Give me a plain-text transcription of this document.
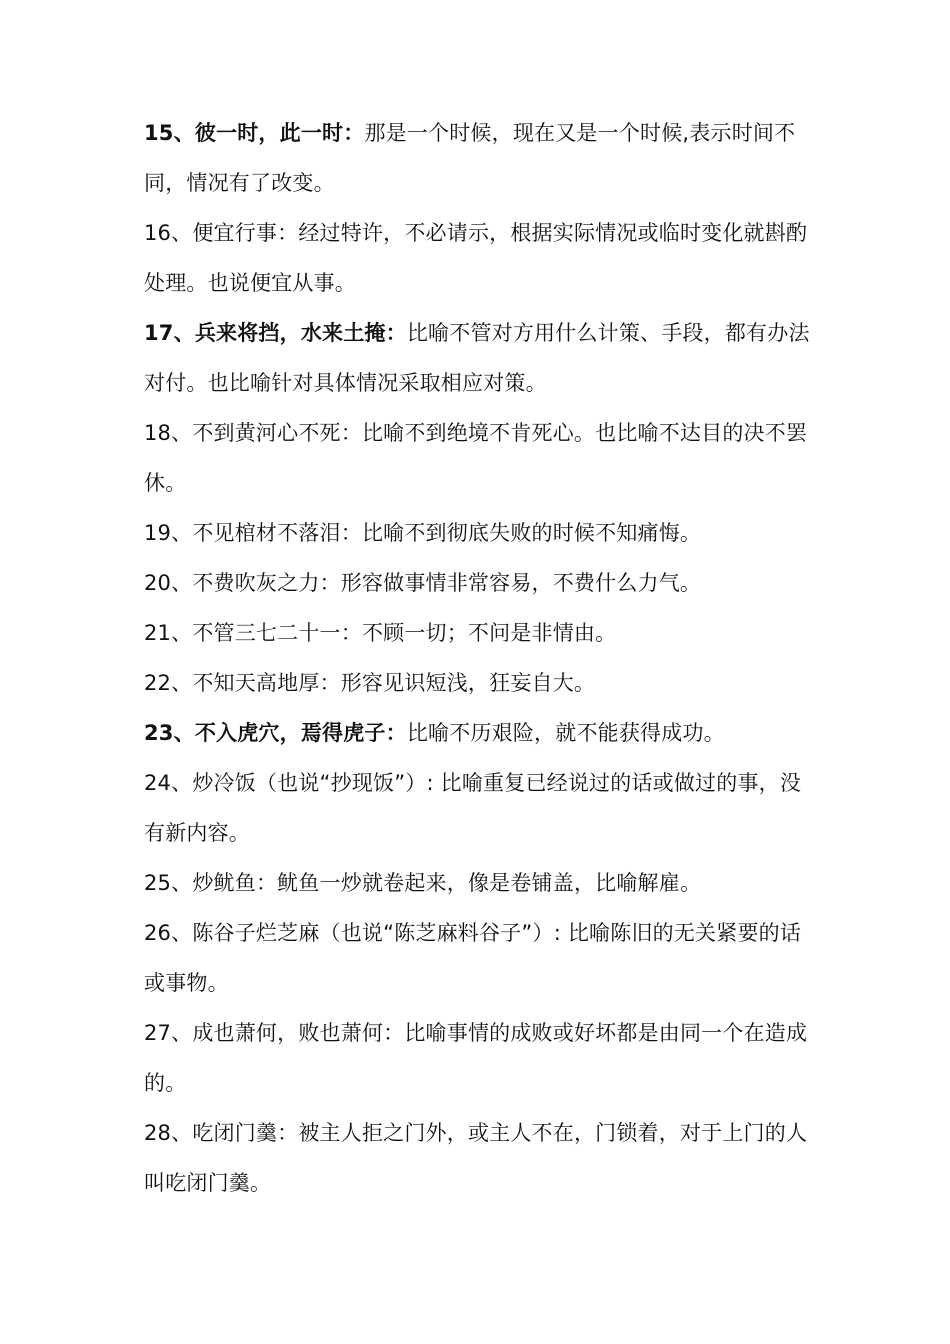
15、彼一时，此一时：那是一个时候，现在又是一个时候,表示时间不同，情况有了改变。

16、便宜行事：经过特许，不必请示，根据实际情况或临时变化就斟酌处理。也说便宜从事。

17、兵来将挡，水来土掩：比喻不管对方用什么计策、手段，都有办法对付。也比喻针对具体情况采取相应对策。

18、不到黄河心不死：比喻不到绝境不肯死心。也比喻不达目的决不罢休。

19、不见棺材不落泪：比喻不到彻底失败的时候不知痛悔。

20、不费吹灰之力：形容做事情非常容易，不费什么力气。

21、不管三七二十一：不顾一切；不问是非情由。

22、不知天高地厚：形容见识短浅，狂妄自大。

23、不入虎穴，焉得虎子：比喻不历艰险，就不能获得成功。

24、炒冷饭（也说“抄现饭”）: 比喻重复已经说过的话或做过的事，没有新内容。

25、炒鱿鱼：鱿鱼一炒就卷起来，像是卷铺盖，比喻解雇。

26、陈谷子烂芝麻（也说“陈芝麻料谷子”）: 比喻陈旧的无关紧要的话或事物。

27、成也萧何，败也萧何：比喻事情的成败或好坏都是由同一个在造成的。

28、吃闭门羹：被主人拒之门外，或主人不在，门锁着，对于上门的人叫吃闭门羹。
